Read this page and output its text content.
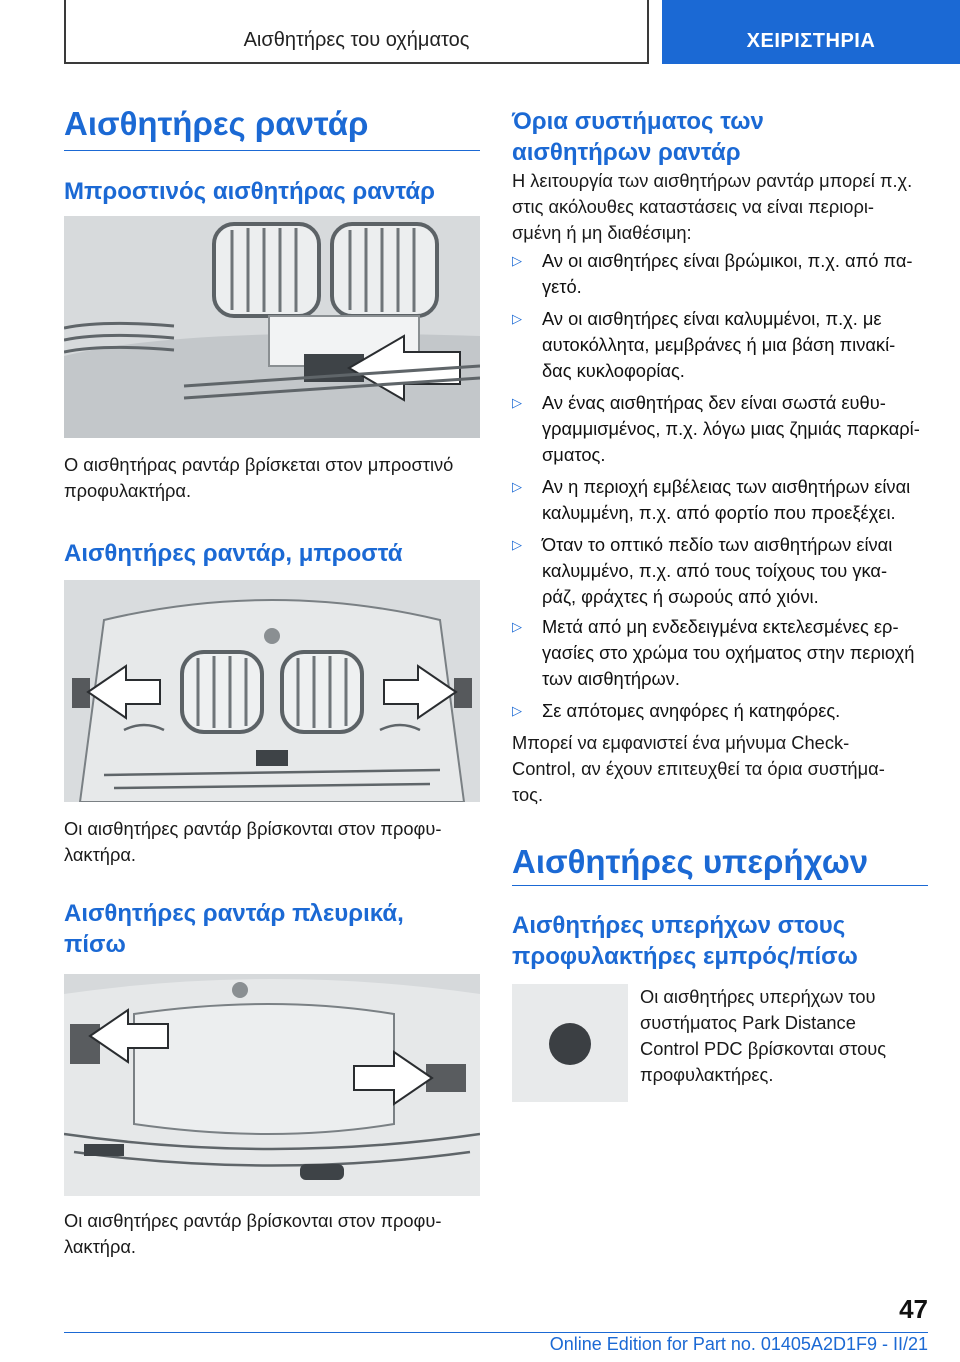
Αισθητήρες του οχήματος	ΧΕΙΡΙΣΤΗΡΙΑ
Αισθητήρες ραντάρ
Μπροστινός αισθητήρας ραντάρ
Ο αισθητήρας ραντάρ βρίσκεται στον μπροστινό προφυλακτήρα.
Αισθητήρες ραντάρ, μπροστά
Οι αισθητήρες ραντάρ βρίσκονται στον προφυ-
λακτήρα.
Αισθητήρες ραντάρ πλευρικά,
πίσω
Οι αισθητήρες ραντάρ βρίσκονται στον προφυ-
λακτήρα.
Όρια συστήματος των
αισθητήρων ραντάρ
Η λειτουργία των αισθητήρων ραντάρ μπορεί π.χ.
στις ακόλουθες καταστάσεις να είναι περιορι-
σμένη ή μη διαθέσιμη:
▷ Αν οι αισθητήρες είναι βρώμικοι, π.χ. από πα-
γετό.
▷ Αν οι αισθητήρες είναι καλυμμένοι, π.χ. με
αυτοκόλλητα, μεμβράνες ή μια βάση πινακί-
δας κυκλοφορίας.
▷ Αν ένας αισθητήρας δεν είναι σωστά ευθυ-
γραμμισμένος, π.χ. λόγω μιας ζημιάς παρκαρί-
σματος.
▷ Αν η περιοχή εμβέλειας των αισθητήρων είναι
καλυμμένη, π.χ. από φορτίο που προεξέχει.
▷ Όταν το οπτικό πεδίο των αισθητήρων είναι
καλυμμένο, π.χ. από τους τοίχους του γκα-
ράζ, φράχτες ή σωρούς από χιόνι.
▷ Μετά από μη ενδεδειγμένα εκτελεσμένες ερ-
γασίες στο χρώμα του οχήματος στην περιοχή
των αισθητήρων.
▷ Σε απότομες ανηφόρες ή κατηφόρες.
Μπορεί να εμφανιστεί ένα μήνυμα Check-
Control, αν έχουν επιτευχθεί τα όρια συστήμα-
τος.
Αισθητήρες υπερήχων
Αισθητήρες υπερήχων στους
προφυλακτήρες εμπρός/πίσω
Οι αισθητήρες υπερήχων του
συστήματος Park Distance
Control PDC βρίσκονται στους
προφυλακτήρες.
47
Online Edition for Part no. 01405A2D1F9 - II/21
